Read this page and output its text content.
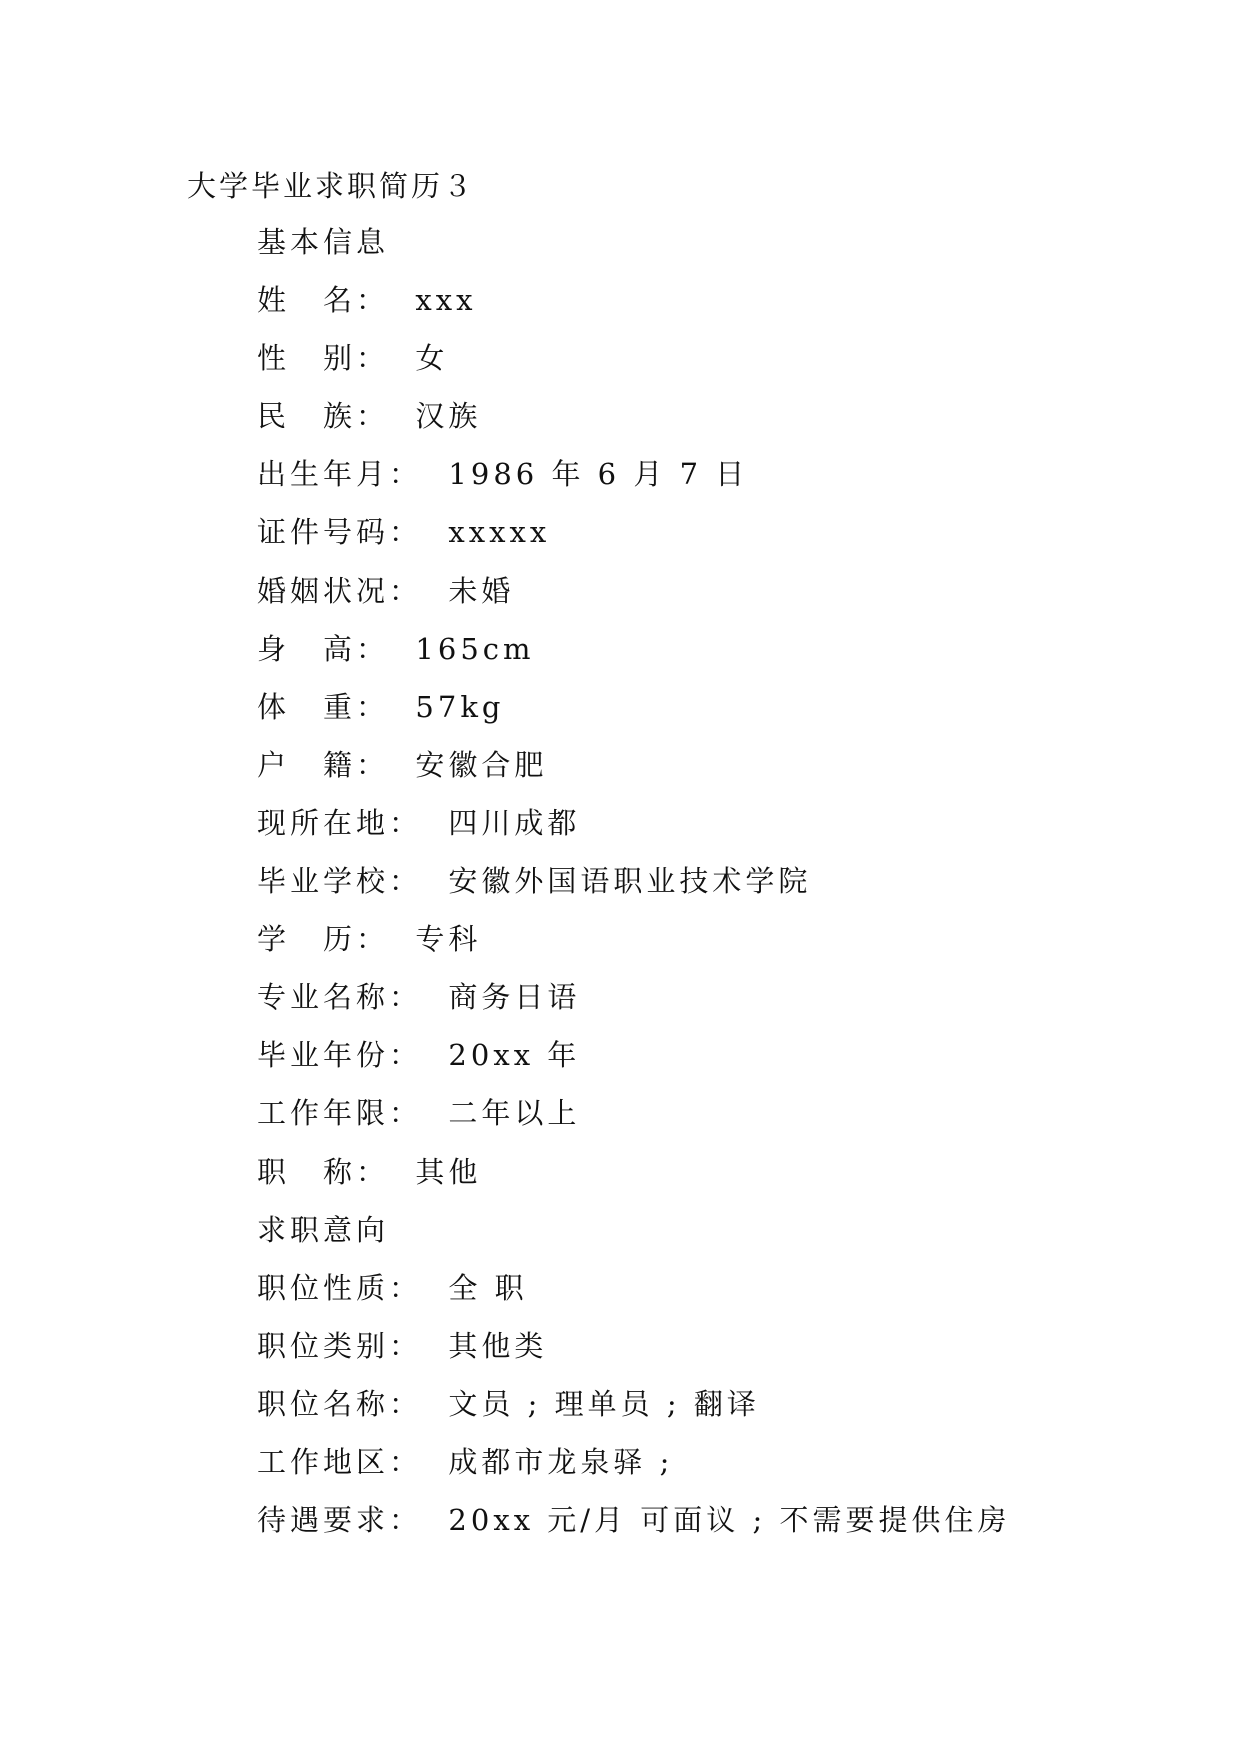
大学毕业求职简历３
基本信息
姓　名：  xxx
性　别：  女
民　族：  汉族
出生年月：  1986 年 6 月 7 日
证件号码：  xxxxx
婚姻状况：  未婚
身　高：  165cm
体　重：  57kg
户　籍：  安徽合肥
现所在地：  四川成都
毕业学校：  安徽外国语职业技术学院
学　历：  专科
专业名称：  商务日语
毕业年份：  20xx 年
工作年限：  二年以上
职　称：  其他
求职意向
职位性质：  全 职
职位类别：  其他类
职位名称：  文员 ; 理单员 ; 翻译
工作地区：  成都市龙泉驿 ;
待遇要求：  20xx 元/月 可面议 ; 不需要提供住房
